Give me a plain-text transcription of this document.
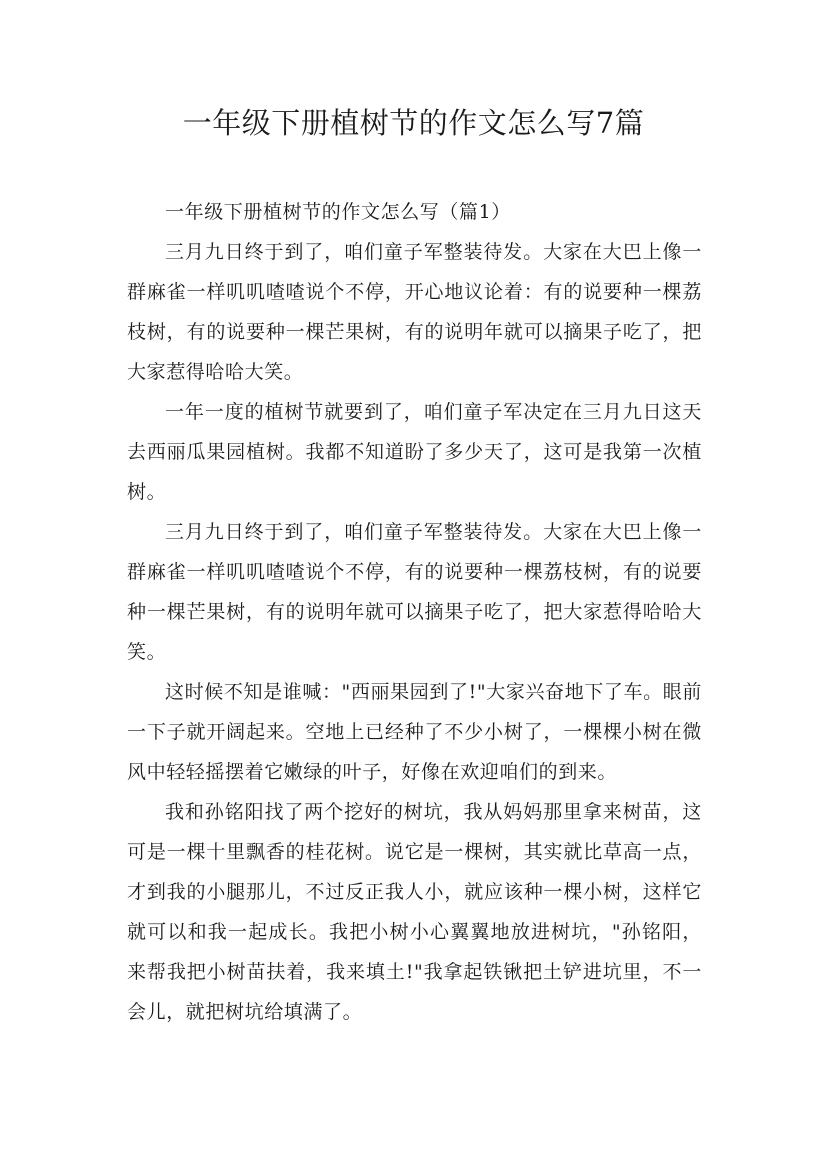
一年级下册植树节的作文怎么写7篇

一年级下册植树节的作文怎么写（篇1）

三月九日终于到了，咱们童子军整装待发。大家在大巴上像一群麻雀一样叽叽喳喳说个不停，开心地议论着：有的说要种一棵荔枝树，有的说要种一棵芒果树，有的说明年就可以摘果子吃了，把大家惹得哈哈大笑。

一年一度的植树节就要到了，咱们童子军决定在三月九日这天去西丽瓜果园植树。我都不知道盼了多少天了，这可是我第一次植树。

三月九日终于到了，咱们童子军整装待发。大家在大巴上像一群麻雀一样叽叽喳喳说个不停，有的说要种一棵荔枝树，有的说要种一棵芒果树，有的说明年就可以摘果子吃了，把大家惹得哈哈大笑。

这时候不知是谁喊："西丽果园到了!"大家兴奋地下了车。眼前一下子就开阔起来。空地上已经种了不少小树了，一棵棵小树在微风中轻轻摇摆着它嫩绿的叶子，好像在欢迎咱们的到来。

我和孙铭阳找了两个挖好的树坑，我从妈妈那里拿来树苗，这可是一棵十里飘香的桂花树。说它是一棵树，其实就比草高一点，才到我的小腿那儿，不过反正我人小，就应该种一棵小树，这样它就可以和我一起成长。我把小树小心翼翼地放进树坑，"孙铭阳，来帮我把小树苗扶着，我来填土!"我拿起铁锹把土铲进坑里，不一会儿，就把树坑给填满了。
